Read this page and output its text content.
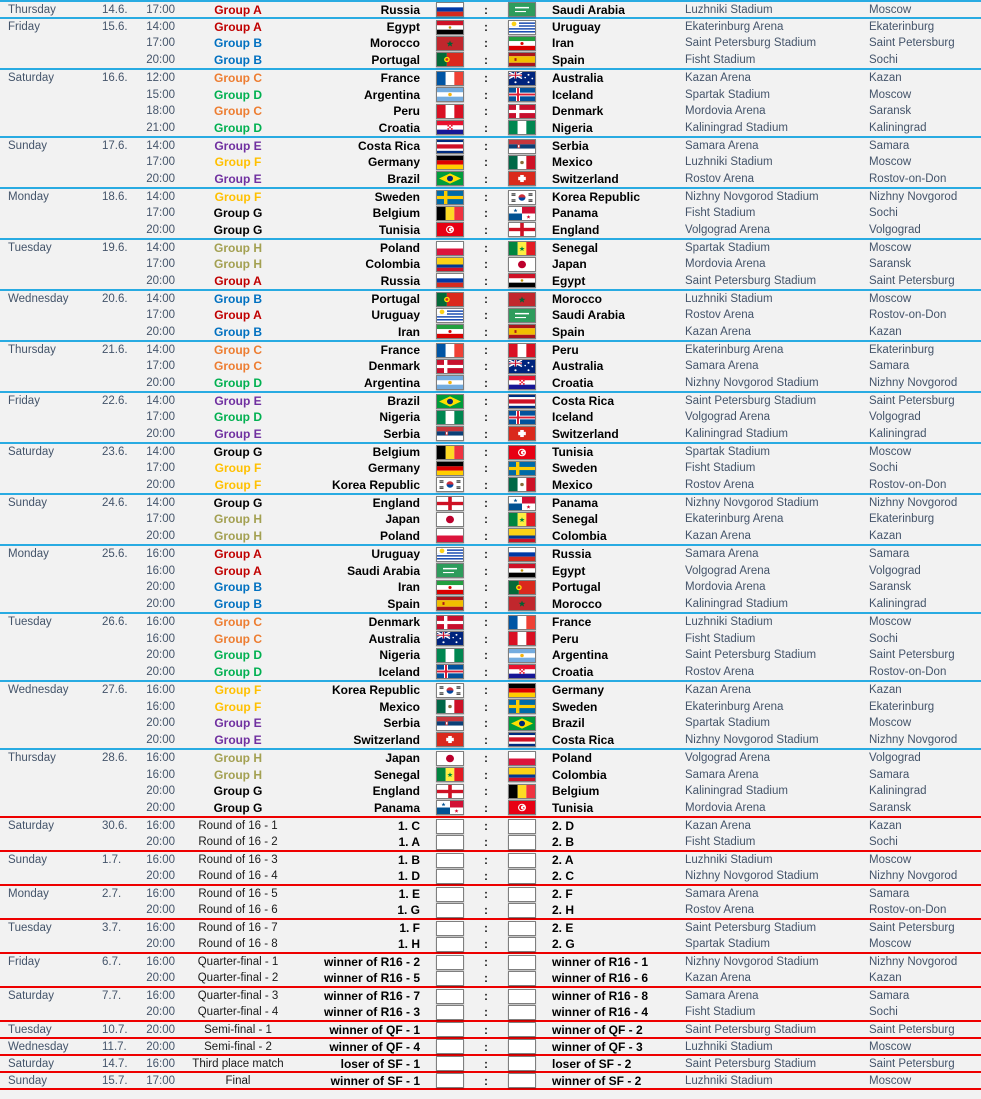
Thursday	14.6.	17:00	Group A	Russia	:	Saudi Arabia	Luzhniki Stadium	Moscow
Friday	15.6.	14:00	Group A	Egypt	:	Uruguay	Ekaterinburg Arena	Ekaterinburg
17:00	Group B	Morocco	:	Iran	Saint Petersburg Stadium	Saint Petersburg
20:00	Group B	Portugal	:	Spain	Fisht Stadium	Sochi
Saturday	16.6.	12:00	Group C	France	:	Australia	Kazan Arena	Kazan
15:00	Group D	Argentina	:	Iceland	Spartak Stadium	Moscow
18:00	Group C	Peru	:	Denmark	Mordovia Arena	Saransk
21:00	Group D	Croatia	:	Nigeria	Kaliningrad Stadium	Kaliningrad
Sunday	17.6.	14:00	Group E	Costa Rica	:	Serbia	Samara Arena	Samara
17:00	Group F	Germany	:	Mexico	Luzhniki Stadium	Moscow
20:00	Group E	Brazil	:	Switzerland	Rostov Arena	Rostov-on-Don
Monday	18.6.	14:00	Group F	Sweden	:	Korea Republic	Nizhny Novgorod Stadium	Nizhny Novgorod
17:00	Group G	Belgium	:	Panama	Fisht Stadium	Sochi
20:00	Group G	Tunisia	:	England	Volgograd Arena	Volgograd
Tuesday	19.6.	14:00	Group H	Poland	:	Senegal	Spartak Stadium	Moscow
17:00	Group H	Colombia	:	Japan	Mordovia Arena	Saransk
20:00	Group A	Russia	:	Egypt	Saint Petersburg Stadium	Saint Petersburg
Wednesday	20.6.	14:00	Group B	Portugal	:	Morocco	Luzhniki Stadium	Moscow
17:00	Group A	Uruguay	:	Saudi Arabia	Rostov Arena	Rostov-on-Don
20:00	Group B	Iran	:	Spain	Kazan Arena	Kazan
Thursday	21.6.	14:00	Group C	France	:	Peru	Ekaterinburg Arena	Ekaterinburg
17:00	Group C	Denmark	:	Australia	Samara Arena	Samara
20:00	Group D	Argentina	:	Croatia	Nizhny Novgorod Stadium	Nizhny Novgorod
Friday	22.6.	14:00	Group E	Brazil	:	Costa Rica	Saint Petersburg Stadium	Saint Petersburg
17:00	Group D	Nigeria	:	Iceland	Volgograd Arena	Volgograd
20:00	Group E	Serbia	:	Switzerland	Kaliningrad Stadium	Kaliningrad
Saturday	23.6.	14:00	Group G	Belgium	:	Tunisia	Spartak Stadium	Moscow
17:00	Group F	Germany	:	Sweden	Fisht Stadium	Sochi
20:00	Group F	Korea Republic	:	Mexico	Rostov Arena	Rostov-on-Don
Sunday	24.6.	14:00	Group G	England	:	Panama	Nizhny Novgorod Stadium	Nizhny Novgorod
17:00	Group H	Japan	:	Senegal	Ekaterinburg Arena	Ekaterinburg
20:00	Group H	Poland	:	Colombia	Kazan Arena	Kazan
Monday	25.6.	16:00	Group A	Uruguay	:	Russia	Samara Arena	Samara
16:00	Group A	Saudi Arabia	:	Egypt	Volgograd Arena	Volgograd
20:00	Group B	Iran	:	Portugal	Mordovia Arena	Saransk
20:00	Group B	Spain	:	Morocco	Kaliningrad Stadium	Kaliningrad
Tuesday	26.6.	16:00	Group C	Denmark	:	France	Luzhniki Stadium	Moscow
16:00	Group C	Australia	:	Peru	Fisht Stadium	Sochi
20:00	Group D	Nigeria	:	Argentina	Saint Petersburg Stadium	Saint Petersburg
20:00	Group D	Iceland	:	Croatia	Rostov Arena	Rostov-on-Don
Wednesday	27.6.	16:00	Group F	Korea Republic	:	Germany	Kazan Arena	Kazan
16:00	Group F	Mexico	:	Sweden	Ekaterinburg Arena	Ekaterinburg
20:00	Group E	Serbia	:	Brazil	Spartak Stadium	Moscow
20:00	Group E	Switzerland	:	Costa Rica	Nizhny Novgorod Stadium	Nizhny Novgorod
Thursday	28.6.	16:00	Group H	Japan	:	Poland	Volgograd Arena	Volgograd
16:00	Group H	Senegal	:	Colombia	Samara Arena	Samara
20:00	Group G	England	:	Belgium	Kaliningrad Stadium	Kaliningrad
20:00	Group G	Panama	:	Tunisia	Mordovia Arena	Saransk
Saturday	30.6.	16:00	Round of 16 - 1	1. C	:	2. D	Kazan Arena	Kazan
20:00	Round of 16 - 2	1. A	:	2. B	Fisht Stadium	Sochi
Sunday	1.7.	16:00	Round of 16 - 3	1. B	:	2. A	Luzhniki Stadium	Moscow
20:00	Round of 16 - 4	1. D	:	2. C	Nizhny Novgorod Stadium	Nizhny Novgorod
Monday	2.7.	16:00	Round of 16 - 5	1. E	:	2. F	Samara Arena	Samara
20:00	Round of 16 - 6	1. G	:	2. H	Rostov Arena	Rostov-on-Don
Tuesday	3.7.	16:00	Round of 16 - 7	1. F	:	2. E	Saint Petersburg Stadium	Saint Petersburg
20:00	Round of 16 - 8	1. H	:	2. G	Spartak Stadium	Moscow
Friday	6.7.	16:00	Quarter-final - 1	winner of R16 - 2	:	winner of R16 - 1	Nizhny Novgorod Stadium	Nizhny Novgorod
20:00	Quarter-final - 2	winner of R16 - 5	:	winner of R16 - 6	Kazan Arena	Kazan
Saturday	7.7.	16:00	Quarter-final - 3	winner of R16 - 7	:	winner of R16 - 8	Samara Arena	Samara
20:00	Quarter-final - 4	winner of R16 - 3	:	winner of R16 - 4	Fisht Stadium	Sochi
Tuesday	10.7.	20:00	Semi-final - 1	winner of QF - 1	:	winner of QF - 2	Saint Petersburg Stadium	Saint Petersburg
Wednesday	11.7.	20:00	Semi-final - 2	winner of QF - 4	:	winner of QF - 3	Luzhniki Stadium	Moscow
Saturday	14.7.	16:00	Third place match	loser of SF - 1	:	loser of SF - 2	Saint Petersburg Stadium	Saint Petersburg
Sunday	15.7.	17:00	Final	winner of SF - 1	:	winner of SF - 2	Luzhniki Stadium	Moscow
